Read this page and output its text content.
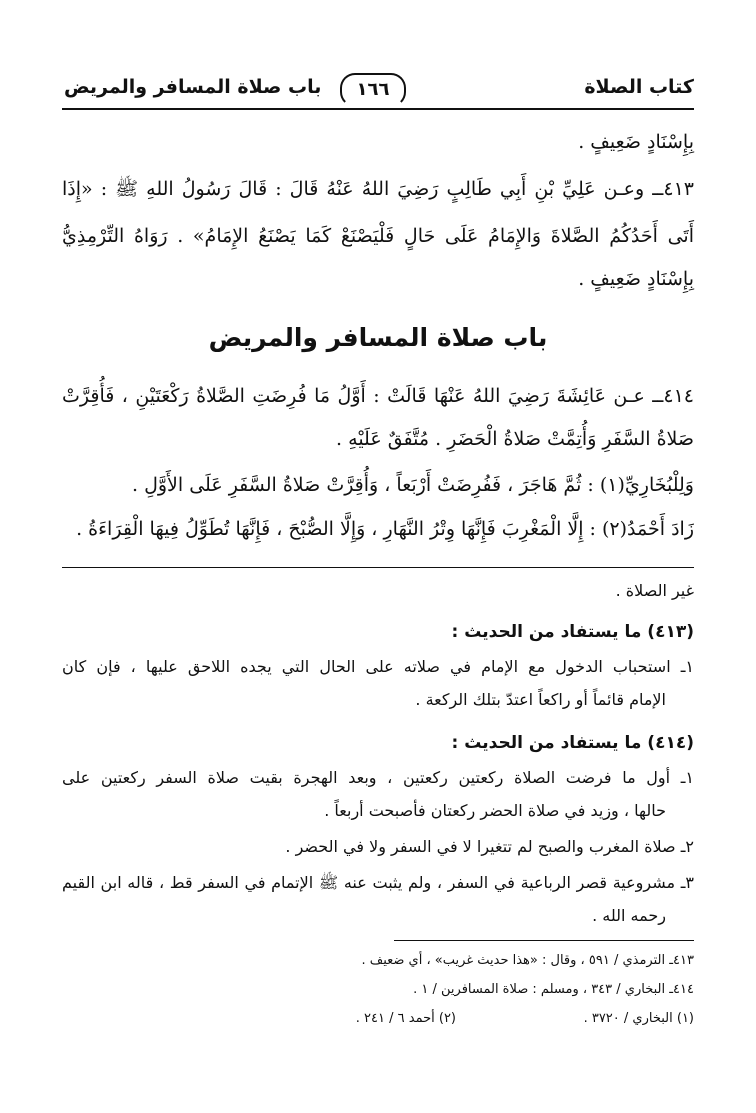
كتاب الصلاة
١٦٦
باب صلاة المسافر والمريض
بِإِسْنَادٍ ضَعِيفٍ .
٤١٣ــ وعـن عَلِيِّ بْنِ أَبِي طَالِبٍ رَضِيَ اللهُ عَنْهُ قَالَ : قَالَ رَسُولُ اللهِ ﷺ : «إِذَا
أَتَى أَحَدُكُمُ الصَّلاةَ وَالإِمَامُ عَلَى حَالٍ فَلْيَصْنَعْ كَمَا يَصْنَعُ الإِمَامُ» . رَوَاهُ التِّرْمِذِيُّ
بِإِسْنَادٍ ضَعِيفٍ .
باب صلاة المسافر والمريض
٤١٤ــ عـن عَائِشَةَ رَضِيَ اللهُ عَنْهَا قَالَتْ : أَوَّلُ مَا فُرِضَتِ الصَّلاةُ رَكْعَتَيْنِ ، فَأُقِرَّتْ
صَلاةُ السَّفَرِ وَأُتِمَّتْ صَلاةُ الْحَضَرِ . مُتَّفَقٌ عَلَيْهِ .
وَلِلْبُخَارِيِّ(١) : ثُمَّ هَاجَرَ ، فَفُرِضَتْ أَرْبَعاً ، وَأُقِرَّتْ صَلاةُ السَّفَرِ عَلَى الأَوَّلِ .
زَادَ أَحْمَدُ(٢) : إِلَّا الْمَغْرِبَ فَإِنَّهَا وِتْرُ النَّهَارِ ، وَإِلَّا الصُّبْحَ ، فَإِنَّهَا تُطَوِّلُ فِيهَا الْقِرَاءَةُ .
غير الصلاة .
(٤١٣) ما يستفاد من الحديث :
١ـ استحباب الدخول مع الإمام في صلاته على الحال التي يجده اللاحق عليها ، فإن كان
الإمام قائماً أو راكعاً اعتدّ بتلك الركعة .
(٤١٤) ما يستفاد من الحديث :
١ـ أول ما فرضت الصلاة ركعتين ركعتين ، وبعد الهجرة بقيت صلاة السفر ركعتين على
حالها ، وزيد في صلاة الحضر ركعتان فأصبحت أربعاً .
٢ـ صلاة المغرب والصبح لم تتغيرا لا في السفر ولا في الحضر .
٣ـ مشروعية قصر الرباعية في السفر ، ولم يثبت عنه ﷺ الإتمام في السفر قط ، قاله ابن القيم
رحمه الله .
٤١٣ـ الترمذي / ٥٩١ ، وقال : «هذا حديث غريب» ، أي ضعيف .
٤١٤ـ البخاري / ٣٤٣ ، ومسلم : صلاة المسافرين / ١ .
(١) البخاري / ٣٧٢٠ .
(٢) أحمد ٦ / ٢٤١ .
